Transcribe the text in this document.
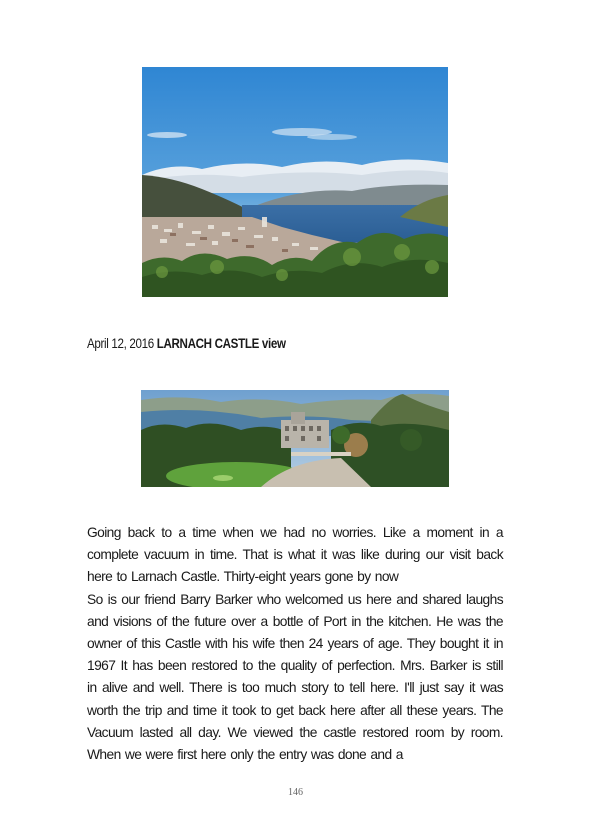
April 12, 2016 LARNACH CASTLE view

Going back to a time when we had no worries. Like a moment in a complete vacuum in time. That is what it was like during our visit back here to Larnach Castle. Thirty-eight years gone by now

So is our friend Barry Barker who welcomed us here and shared laughs and visions of the future over a bottle of Port in the kitchen. He was the owner of this Castle with his wife then 24 years of age. They bought it in 1967 It has been restored to the quality of perfection. Mrs. Barker is still in alive and well. There is too much story to tell here. I'll just say it was worth the trip and time it took to get back here after all these years. The Vacuum lasted all day. We viewed the castle restored room by room. When we were first here only the entry was done and a

146
